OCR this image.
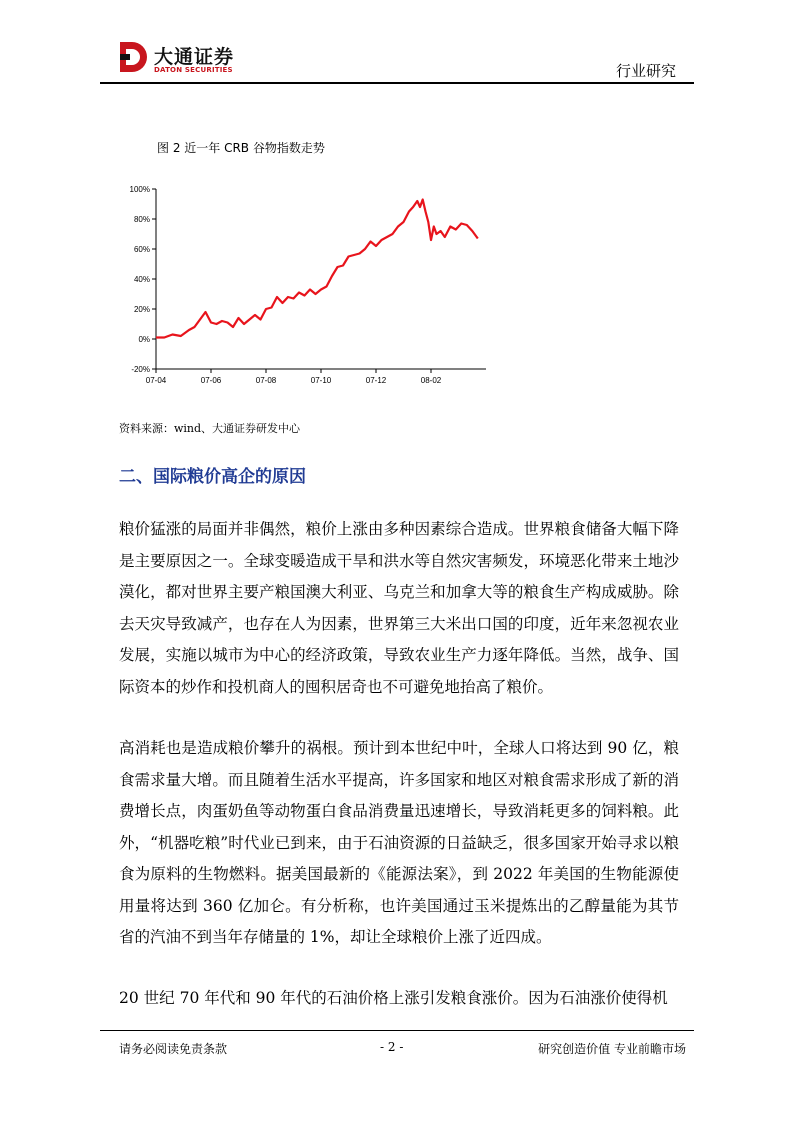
大通证券
DATON SECURITIES	行业研究
图 2 近一年 CRB 谷物指数走势
-20%
0%
20%
40%
60%
80%
100%
07-04	07-06	07-08	07-10	07-12	08-02
资料来源：wind、大通证券研发中心
二、国际粮价高企的原因

粮价猛涨的局面并非偶然，粮价上涨由多种因素综合造成。世界粮食储备大幅下降是主要原因之一。全球变暖造成干旱和洪水等自然灾害频发，环境恶化带来土地沙漠化，都对世界主要产粮国澳大利亚、乌克兰和加拿大等的粮食生产构成威胁。除去天灾导致减产，也存在人为因素，世界第三大米出口国的印度，近年来忽视农业发展，实施以城市为中心的经济政策，导致农业生产力逐年降低。当然，战争、国际资本的炒作和投机商人的囤积居奇也不可避免地抬高了粮价。

高消耗也是造成粮价攀升的祸根。预计到本世纪中叶，全球人口将达到 90 亿，粮食需求量大增。而且随着生活水平提高，许多国家和地区对粮食需求形成了新的消费增长点，肉蛋奶鱼等动物蛋白食品消费量迅速增长，导致消耗更多的饲料粮。此外，“机器吃粮”时代业已到来，由于石油资源的日益缺乏，很多国家开始寻求以粮食为原料的生物燃料。据美国最新的《能源法案》，到 2022 年美国的生物能源使用量将达到 360 亿加仑。有分析称，也许美国通过玉米提炼出的乙醇量能为其节省的汽油不到当年存储量的 1%，却让全球粮价上涨了近四成。

20 世纪 70 年代和 90 年代的石油价格上涨引发粮食涨价。因为石油涨价使得机

请务必阅读免责条款	- 2 -	研究创造价值 专业前瞻市场
